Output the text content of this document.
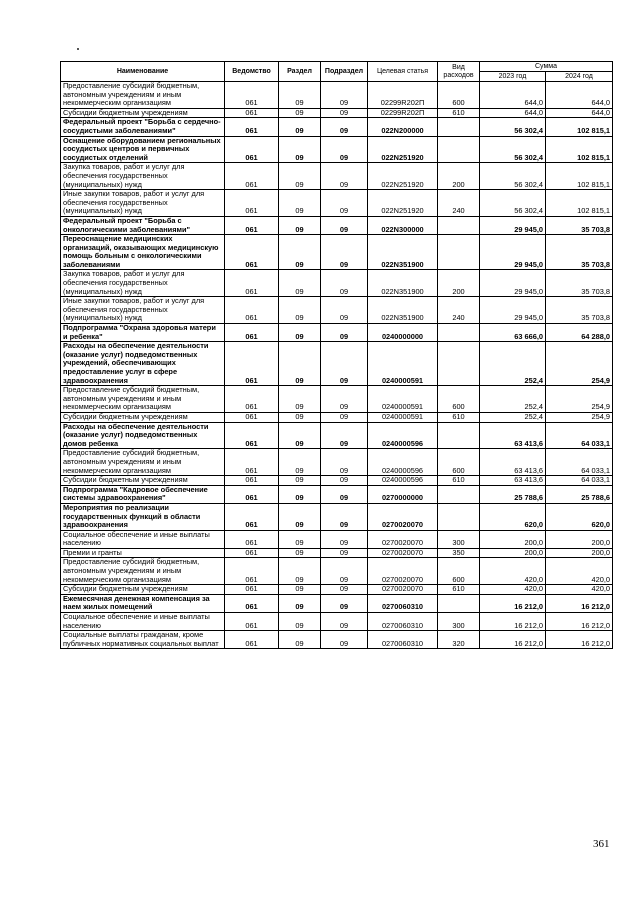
Наименование	Ведомство	Раздел	Подраздел	Целевая статья	Вид расходов	Сумма	
						2023 год	2024 год
Предоставление субсидий бюджетным, автономным учреждениям и иным некоммерческим организациям	061	09	09	02299R202П	600	644,0	644,0
Субсидии бюджетным учреждениям	061	09	09	02299R202П	610	644,0	644,0
Федеральный проект "Борьба с сердечно-сосудистыми заболеваниями"	061	09	09	022N200000		56 302,4	102 815,1
Оснащение оборудованием региональных сосудистых центров и первичных сосудистых отделений	061	09	09	022N251920		56 302,4	102 815,1
Закупка товаров, работ и услуг для обеспечения государственных (муниципальных) нужд	061	09	09	022N251920	200	56 302,4	102 815,1
Иные закупки товаров, работ и услуг для обеспечения государственных (муниципальных) нужд	061	09	09	022N251920	240	56 302,4	102 815,1
Федеральный проект "Борьба с онкологическими заболеваниями"	061	09	09	022N300000		29 945,0	35 703,8
Переоснащение медицинских организаций, оказывающих медицинскую помощь больным с онкологическими заболеваниями	061	09	09	022N351900		29 945,0	35 703,8
Закупка товаров, работ и услуг для обеспечения государственных (муниципальных) нужд	061	09	09	022N351900	200	29 945,0	35 703,8
Иные закупки товаров, работ и услуг для обеспечения государственных (муниципальных) нужд	061	09	09	022N351900	240	29 945,0	35 703,8
Подпрограмма "Охрана здоровья матери и ребенка"	061	09	09	0240000000		63 666,0	64 288,0
Расходы на обеспечение деятельности (оказание услуг) подведомственных учреждений, обеспечивающих предоставление услуг в сфере здравоохранения	061	09	09	0240000591		252,4	254,9
Предоставление субсидий бюджетным, автономным учреждениям и иным некоммерческим организациям	061	09	09	0240000591	600	252,4	254,9
Субсидии бюджетным учреждениям	061	09	09	0240000591	610	252,4	254,9
Расходы на обеспечение деятельности (оказание услуг) подведомственных домов ребенка	061	09	09	0240000596		63 413,6	64 033,1
Предоставление субсидий бюджетным, автономным учреждениям и иным некоммерческим организациям	061	09	09	0240000596	600	63 413,6	64 033,1
Субсидии бюджетным учреждениям	061	09	09	0240000596	610	63 413,6	64 033,1
Подпрограмма "Кадровое обеспечение системы здравоохранения"	061	09	09	0270000000		25 788,6	25 788,6
Мероприятия по реализации государственных функций в области здравоохранения	061	09	09	0270020070		620,0	620,0
Социальное обеспечение и иные выплаты населению	061	09	09	0270020070	300	200,0	200,0
Премии и гранты	061	09	09	0270020070	350	200,0	200,0
Предоставление субсидий бюджетным, автономным учреждениям и иным некоммерческим организациям	061	09	09	0270020070	600	420,0	420,0
Субсидии бюджетным учреждениям	061	09	09	0270020070	610	420,0	420,0
Ежемесячная денежная компенсация за наем жилых помещений	061	09	09	0270060310		16 212,0	16 212,0
Социальное обеспечение и иные выплаты населению	061	09	09	0270060310	300	16 212,0	16 212,0
Социальные выплаты гражданам, кроме публичных нормативных социальных выплат	061	09	09	0270060310	320	16 212,0	16 212,0
361
